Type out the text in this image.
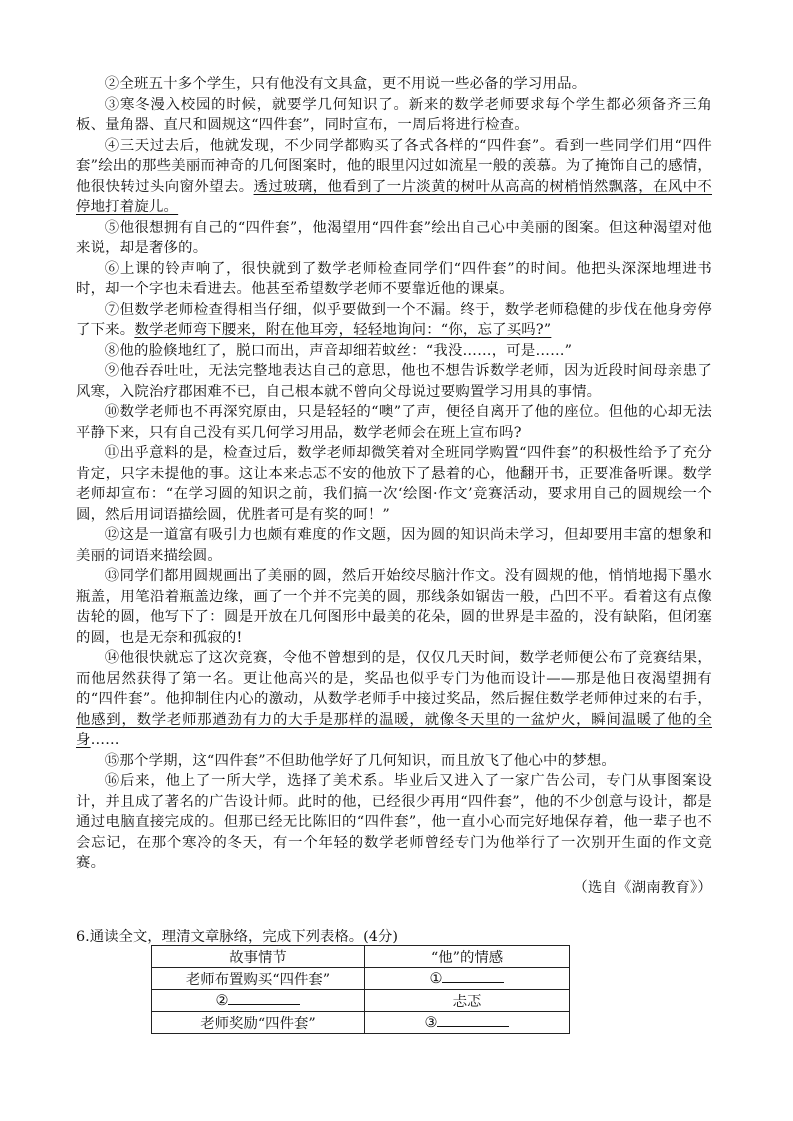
②全班五十多个学生，只有他没有文具盒，更不用说一些必备的学习用品。

③寒冬漫入校园的时候，就要学几何知识了。新来的数学老师要求每个学生都必须备齐三角板、量角器、直尺和圆规这“四件套”，同时宣布，一周后将进行检查。

④三天过去后，他就发现，不少同学都购买了各式各样的“四件套”。看到一些同学们用“四件套”绘出的那些美丽而神奇的几何图案时，他的眼里闪过如流星一般的羡慕。为了掩饰自己的感情，他很快转过头向窗外望去。透过玻璃，他看到了一片淡黄的树叶从高高的树梢悄然飘落，在风中不停地打着旋儿。

⑤他很想拥有自己的“四件套”，他渴望用“四件套”绘出自己心中美丽的图案。但这种渴望对他来说，却是奢侈的。

⑥上课的铃声响了，很快就到了数学老师检查同学们“四件套”的时间。他把头深深地埋进书时，却一个字也未看进去。他甚至希望数学老师不要靠近他的课桌。

⑦但数学老师检查得相当仔细，似乎要做到一个不漏。终于，数学老师稳健的步伐在他身旁停了下来。数学老师弯下腰来，附在他耳旁，轻轻地询问：“你，忘了买吗?”

⑧他的脸倏地红了，脱口而出，声音却细若蚊丝：“我没……，可是……”

⑨他吞吞吐吐，无法完整地表达自己的意思，他也不想告诉数学老师，因为近段时间母亲患了风寒，入院治疗郡困难不已，自己根本就不曾向父母说过要购置学习用具的事情。

⑩数学老师也不再深究原由，只是轻轻的“噢”了声，便径自离开了他的座位。但他的心却无法平静下来，只有自己没有买几何学习用品，数学老师会在班上宣布吗?

⑪出乎意料的是，检查过后，数学老师却微笑着对全班同学购置“四件套”的积极性给予了充分肯定，只字未提他的事。这让本来忐忑不安的他放下了悬着的心，他翻开书，正要准备听课。数学老师却宣布：“在学习圆的知识之前，我们搞一次‘绘图·作文’竞赛活动，要求用自己的圆规绘一个圆，然后用词语描绘圆，优胜者可是有奖的呵！”

⑫这是一道富有吸引力也颇有难度的作文题，因为圆的知识尚未学习，但却要用丰富的想象和美丽的词语来描绘圆。

⑬同学们都用圆规画出了美丽的圆，然后开始绞尽脑汁作文。没有圆规的他，悄悄地揭下墨水瓶盖，用笔沿着瓶盖边缘，画了一个并不完美的圆，那线条如锯齿一般，凸凹不平。看着这有点像齿轮的圆，他写下了：圆是开放在几何图形中最美的花朵，圆的世界是丰盈的，没有缺陷，但闭塞的圆，也是无奈和孤寂的!

⑭他很快就忘了这次竞赛，令他不曾想到的是，仅仅几天时间，数学老师便公布了竞赛结果，而他居然获得了第一名。更让他高兴的是，奖品也似乎专门为他而设计——那是他日夜渴望拥有的“四件套”。他抑制住内心的激动，从数学老师手中接过奖品，然后握住数学老师伸过来的右手，他感到，数学老师那遒劲有力的大手是那样的温暖，就像冬天里的一盆炉火，瞬间温暖了他的全身……

⑮那个学期，这“四件套”不但助他学好了几何知识，而且放飞了他心中的梦想。

⑯后来，他上了一所大学，选择了美术系。毕业后又进入了一家广告公司，专门从事图案设计，并且成了著名的广告设计师。此时的他，已经很少再用“四件套”，他的不少创意与设计，都是通过电脑直接完成的。但那已经无比陈旧的“四件套”，他一直小心而完好地保存着，他一辈子也不会忘记，在那个寒冷的冬天，有一个年轻的数学老师曾经专门为他举行了一次别开生面的作文竞赛。

（选自《湖南教育》）

6.通读全文，理清文章脉络，完成下列表格。(4分)
故事情节	“他”的情感
老师布置购买“四件套”	①
②	忐忑
老师奖励“四件套”	③
